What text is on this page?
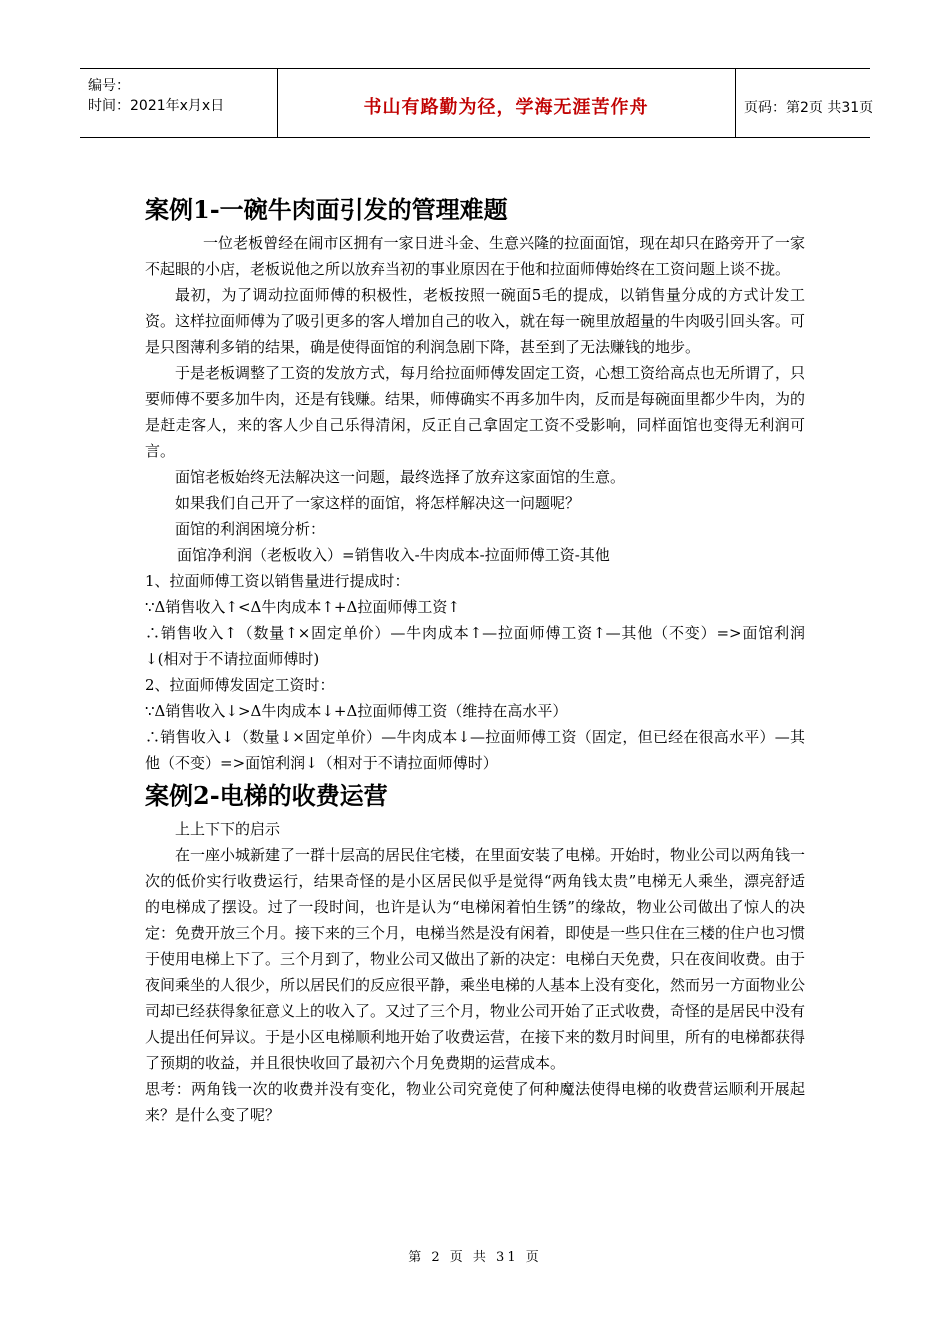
编号：
时间：2021年x月x日	书山有路勤为径，学海无涯苦作舟	页码：第2页 共31页
案例1-一碗牛肉面引发的管理难题

一位老板曾经在闹市区拥有一家日进斗金、生意兴隆的拉面面馆，现在却只在路旁开了一家不起眼的小店，老板说他之所以放弃当初的事业原因在于他和拉面师傅始终在工资问题上谈不拢。

最初，为了调动拉面师傅的积极性，老板按照一碗面5毛的提成，以销售量分成的方式计发工资。这样拉面师傅为了吸引更多的客人增加自己的收入，就在每一碗里放超量的牛肉吸引回头客。可是只图薄利多销的结果，确是使得面馆的利润急剧下降，甚至到了无法赚钱的地步。

于是老板调整了工资的发放方式，每月给拉面师傅发固定工资，心想工资给高点也无所谓了，只要师傅不要多加牛肉，还是有钱赚。结果，师傅确实不再多加牛肉，反而是每碗面里都少牛肉，为的是赶走客人，来的客人少自己乐得清闲，反正自己拿固定工资不受影响，同样面馆也变得无利润可言。

面馆老板始终无法解决这一问题，最终选择了放弃这家面馆的生意。

如果我们自己开了一家这样的面馆，将怎样解决这一问题呢？

面馆的利润困境分析：

面馆净利润（老板收入）=销售收入-牛肉成本-拉面师傅工资-其他

1、拉面师傅工资以销售量进行提成时：

∵Δ销售收入↑<Δ牛肉成本↑+Δ拉面师傅工资↑

∴销售收入↑（数量↑×固定单价）—牛肉成本↑—拉面师傅工资↑—其他（不变）=>面馆利润↓(相对于不请拉面师傅时)

2、拉面师傅发固定工资时：

∵Δ销售收入↓>Δ牛肉成本↓+Δ拉面师傅工资（维持在高水平）

∴销售收入↓（数量↓×固定单价）—牛肉成本↓—拉面师傅工资（固定，但已经在很高水平）—其他（不变）=>面馆利润↓（相对于不请拉面师傅时）

案例2-电梯的收费运营

上上下下的启示

在一座小城新建了一群十层高的居民住宅楼，在里面安装了电梯。开始时，物业公司以两角钱一次的低价实行收费运行，结果奇怪的是小区居民似乎是觉得“两角钱太贵”电梯无人乘坐，漂亮舒适的电梯成了摆设。过了一段时间，也许是认为“电梯闲着怕生锈”的缘故，物业公司做出了惊人的决定：免费开放三个月。接下来的三个月，电梯当然是没有闲着，即使是一些只住在三楼的住户也习惯于使用电梯上下了。三个月到了，物业公司又做出了新的决定：电梯白天免费，只在夜间收费。由于夜间乘坐的人很少，所以居民们的反应很平静，乘坐电梯的人基本上没有变化，然而另一方面物业公司却已经获得象征意义上的收入了。又过了三个月，物业公司开始了正式收费，奇怪的是居民中没有人提出任何异议。于是小区电梯顺利地开始了收费运营，在接下来的数月时间里，所有的电梯都获得了预期的收益，并且很快收回了最初六个月免费期的运营成本。

思考：两角钱一次的收费并没有变化，物业公司究竟使了何种魔法使得电梯的收费营运顺利开展起来？是什么变了呢？

第 2 页 共 31 页
